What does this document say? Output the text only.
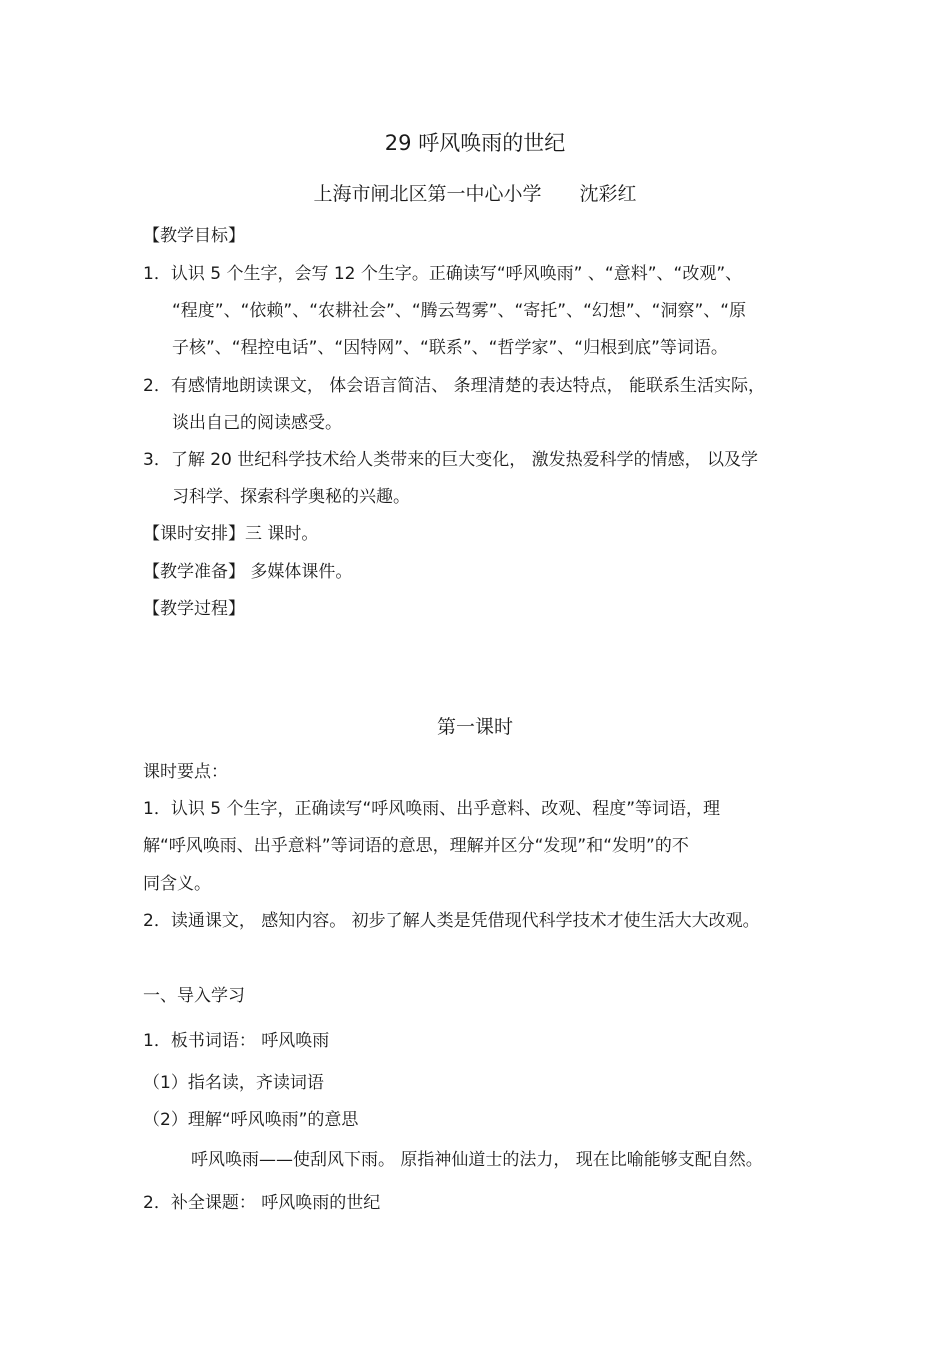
29 呼风唤雨的世纪
上海市闸北区第一中心小学　　沈彩红
【教学目标】
1．认识 5 个生字，会写 12 个生字。正确读写“呼风唤雨” 、“意料”、“改观”、
“程度”、“依赖”、“农耕社会”、“腾云驾雾”、“寄托”、“幻想”、“洞察”、“原
子核”、“程控电话”、“因特网”、“联系”、“哲学家”、“归根到底”等词语。
2．有感情地朗读课文， 体会语言简洁、 条理清楚的表达特点， 能联系生活实际，
谈出自己的阅读感受。
3．了解 20 世纪科学技术给人类带来的巨大变化， 激发热爱科学的情感， 以及学
习科学、探索科学奥秘的兴趣。
【课时安排】三 课时。
【教学准备】 多媒体课件。
【教学过程】
第一课时
课时要点：
1．认识 5 个生字，正确读写“呼风唤雨、出乎意料、改观、程度”等词语，理
解“呼风唤雨、出乎意料”等词语的意思，理解并区分“发现”和“发明”的不
同含义。
2．读通课文， 感知内容。 初步了解人类是凭借现代科学技术才使生活大大改观。
一、导入学习
1．板书词语： 呼风唤雨
（1）指名读，齐读词语
（2）理解“呼风唤雨”的意思
呼风唤雨——使刮风下雨。 原指神仙道士的法力， 现在比喻能够支配自然。
2．补全课题： 呼风唤雨的世纪
